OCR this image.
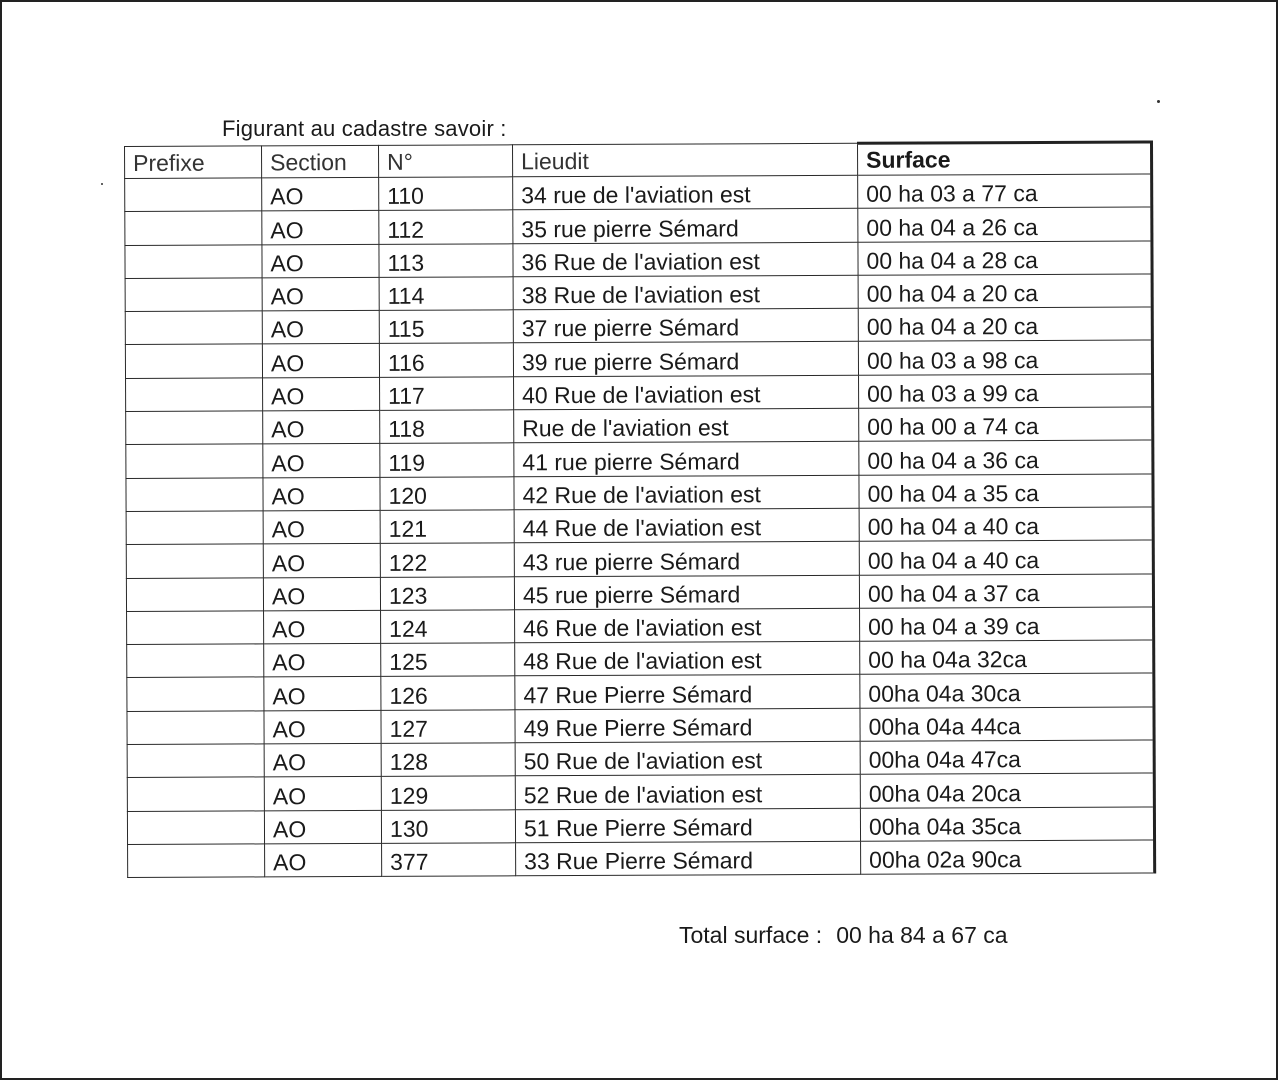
Figurant au cadastre savoir :
Prefixe	Section	N°	Lieudit	Surface
	AO	110	34 rue de l'aviation est	00 ha 03 a 77 ca
	AO	112	35 rue pierre Sémard	00 ha 04 a 26 ca
	AO	113	36 Rue de l'aviation est	00 ha 04 a 28 ca
	AO	114	38 Rue de l'aviation est	00 ha 04 a 20 ca
	AO	115	37 rue pierre Sémard	00 ha 04 a 20 ca
	AO	116	39 rue pierre Sémard	00 ha 03 a 98 ca
	AO	117	40 Rue de l'aviation est	00 ha 03 a 99 ca
	AO	118	Rue de l'aviation est	00 ha 00 a 74 ca
	AO	119	41 rue pierre Sémard	00 ha 04 a 36 ca
	AO	120	42 Rue de l'aviation est	00 ha 04 a 35 ca
	AO	121	44 Rue de l'aviation est	00 ha 04 a 40 ca
	AO	122	43 rue pierre Sémard	00 ha 04 a 40 ca
	AO	123	45 rue pierre Sémard	00 ha 04 a 37 ca
	AO	124	46 Rue de l'aviation est	00 ha 04 a 39 ca
	AO	125	48 Rue de l'aviation est	00 ha 04a 32ca
	AO	126	47 Rue Pierre Sémard	00ha 04a 30ca
	AO	127	49 Rue Pierre Sémard	00ha 04a 44ca
	AO	128	50 Rue de l'aviation est	00ha 04a 47ca
	AO	129	52 Rue de l'aviation est	00ha 04a 20ca
	AO	130	51 Rue Pierre Sémard	00ha 04a 35ca
	AO	377	33 Rue Pierre Sémard	00ha 02a 90ca
Total surface : 00 ha 84 a 67 ca
